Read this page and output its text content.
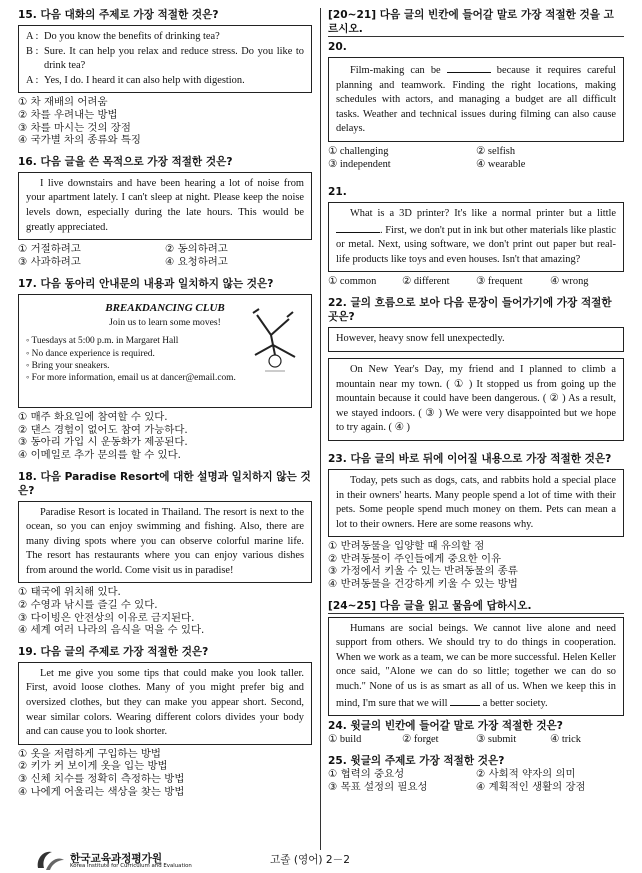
15. 다음 대화의 주제로 가장 적절한 것은?
A : Do you know the benefits of drinking tea?
B : Sure. It can help you relax and reduce stress. Do you like to drink tea?
A : Yes, I do. I heard it can also help with digestion.
① 차 재배의 어려움
② 차를 우려내는 방법
③ 차를 마시는 것의 장점
④ 국가별 차의 종류와 특징
16. 다음 글을 쓴 목적으로 가장 적절한 것은?
I live downstairs and have been hearing a lot of noise from your apartment lately. I can't sleep at night. Please keep the noise levels down, especially during the late hours. This would be greatly appreciated.
① 거절하려고	② 동의하려고
③ 사과하려고	④ 요청하려고
17. 다음 동아리 안내문의 내용과 일치하지 않는 것은?
BREAKDANCING CLUB
Join us to learn some moves!
◦ Tuesdays at 5:00 p.m. in Margaret Hall
◦ No dance experience is required.
◦ Bring your sneakers.
◦ For more information, email us at dancer@email.com.
① 매주 화요일에 참여할 수 있다.
② 댄스 경험이 없어도 참여 가능하다.
③ 동아리 가입 시 운동화가 제공된다.
④ 이메일로 추가 문의를 할 수 있다.
18. 다음 Paradise Resort에 대한 설명과 일치하지 않는 것은?
Paradise Resort is located in Thailand. The resort is next to the ocean, so you can enjoy swimming and fishing. Also, there are many diving spots where you can observe colorful marine life. The resort has restaurants where you can enjoy various dishes from around the world. Come visit us in paradise!
① 태국에 위치해 있다.
② 수영과 낚시를 즐길 수 있다.
③ 다이빙은 안전상의 이유로 금지된다.
④ 세계 여러 나라의 음식을 먹을 수 있다.
19. 다음 글의 주제로 가장 적절한 것은?
Let me give you some tips that could make you look taller. First, avoid loose clothes. Many of you might prefer big and oversized clothes, but they can make you appear short. Second, wear similar colors. Wearing different colors divides your body and can cause you to look shorter.
① 옷을 저렴하게 구입하는 방법
② 키가 커 보이게 옷을 입는 방법
③ 신체 치수를 정확히 측정하는 방법
④ 나에게 어울리는 색상을 찾는 방법
[20~21] 다음 글의 빈칸에 들어갈 말로 가장 적절한 것을 고르시오.
20.
Film-making can be	because it requires careful planning and teamwork. Finding the right locations, making schedules with actors, and managing a budget are all difficult tasks. Weather and technical issues during filming can also cause delays.
① challenging	② selfish
③ independent	④ wearable
21.
What is a 3D printer? It's like a normal printer but a little . First, we don't put in ink but other materials like plastic or metal. Next, using software, we don't print out paper but real-life products like toys and even houses. Isn't that amazing?
① common	② different	③ frequent	④ wrong
22. 글의 흐름으로 보아 다음 문장이 들어가기에 가장 적절한 곳은?
However, heavy snow fell unexpectedly.
On New Year's Day, my friend and I planned to climb a mountain near my town. ( ① ) It stopped us from going up the mountain because it could have been dangerous. ( ② ) As a result, we stayed indoors. ( ③ ) We were very disappointed but we hope to try again. ( ④ )
23. 다음 글의 바로 뒤에 이어질 내용으로 가장 적절한 것은?
Today, pets such as dogs, cats, and rabbits hold a special place in their owners' hearts. Many people spend a lot of time with their pets. Some people spend much money on them. Pets can mean a lot to their owners. Here are some reasons why.
① 반려동물을 입양할 때 유의할 점
② 반려동물이 주인들에게 중요한 이유
③ 가정에서 키울 수 있는 반려동물의 종류
④ 반려동물을 건강하게 키울 수 있는 방법
[24~25] 다음 글을 읽고 물음에 답하시오.
Humans are social beings. We cannot live alone and need support from others. We should try to do things in cooperation. When we work as a team, we can be more successful. Helen Keller once said, "Alone we can do so little; together we can do so much." None of us is as smart as all of us. When we keep this in mind, I'm sure that we will	a better society.
24. 윗글의 빈칸에 들어갈 말로 가장 적절한 것은?
① build	② forget	③ submit	④ trick
25. 윗글의 주제로 가장 적절한 것은?
① 협력의 중요성	② 사회적 약자의 의미
③ 목표 설정의 필요성	④ 계획적인 생활의 장점
한국교육과정평가원
Korea Institute for Curriculum and Evaluation	고졸 (영어) 2－2
